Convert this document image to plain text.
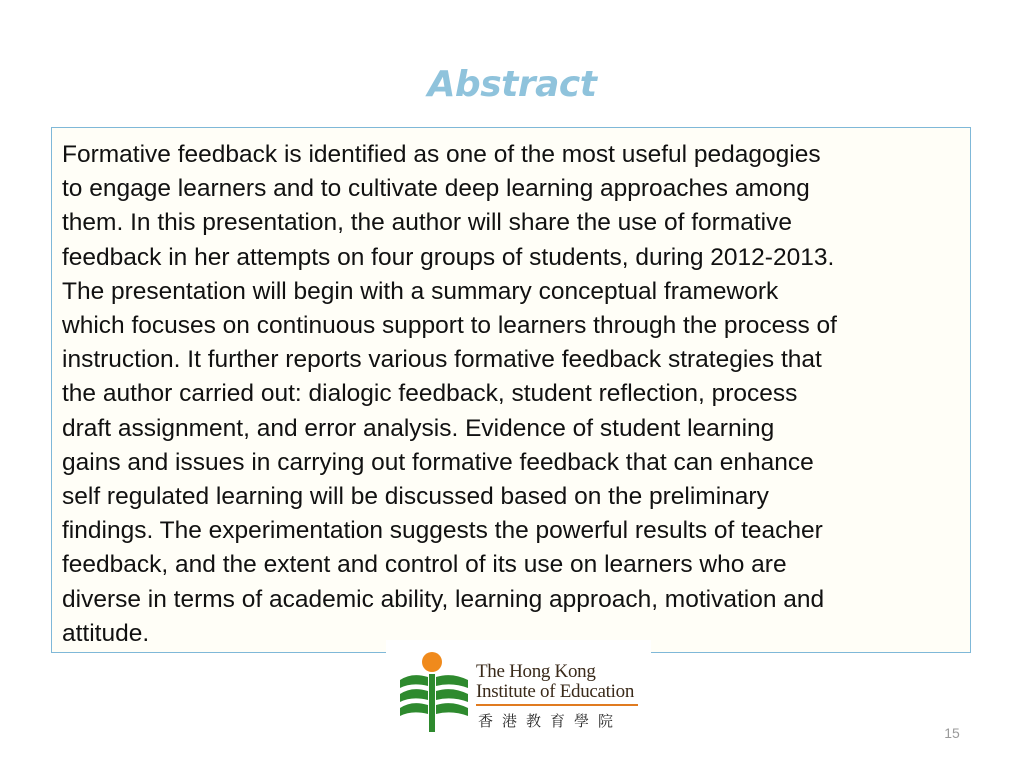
Abstract

Formative feedback is identified as one of the most useful pedagogies
to engage learners and to cultivate deep learning approaches among
them. In this presentation, the author will share the use of formative
feedback in her attempts on four groups of students, during 2012-2013.
The presentation will begin with a summary conceptual framework
which focuses on continuous support to learners through the process of
instruction. It further reports various formative feedback strategies that
the author carried out: dialogic feedback, student reflection, process
draft assignment, and error analysis. Evidence of student learning
gains and issues in carrying out formative feedback that can enhance
self regulated learning will be discussed based on the preliminary
findings. The experimentation suggests the powerful results of teacher
feedback, and the extent and control of its use on learners who are
diverse in terms of academic ability, learning approach, motivation and
attitude.

The Hong Kong
Institute of Education
香港教育學院
15
